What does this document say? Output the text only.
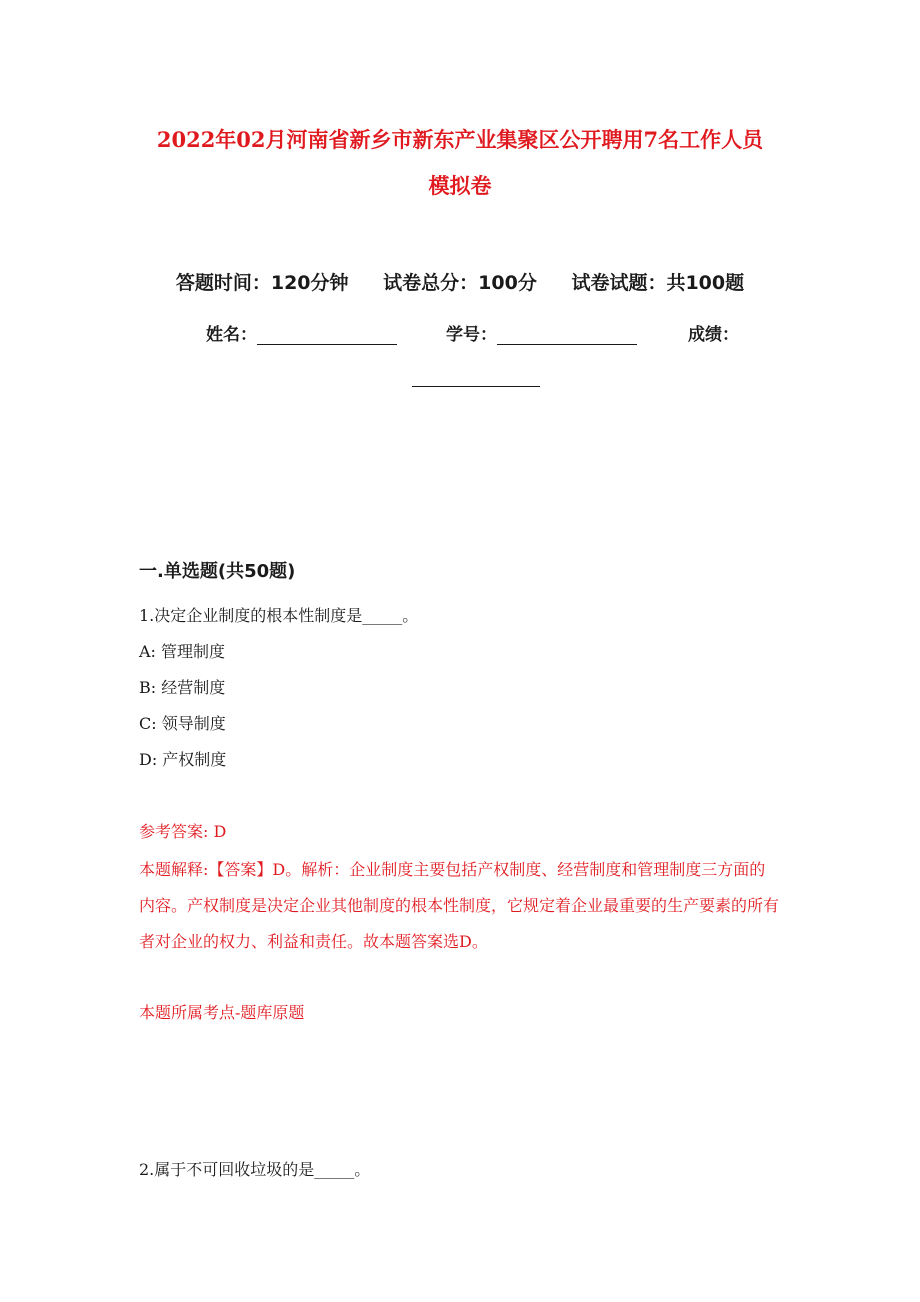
2022年02月河南省新乡市新东产业集聚区公开聘用7名工作人员
模拟卷
答题时间：120分钟 试卷总分：100分 试卷试题：共100题
姓名：	学号：	成绩：
一.单选题(共50题)
1.决定企业制度的根本性制度是_____。
A: 管理制度
B: 经营制度
C: 领导制度
D: 产权制度
参考答案: D
本题解释:【答案】D。解析：企业制度主要包括产权制度、经营制度和管理制度三方面的内容。产权制度是决定企业其他制度的根本性制度，它规定着企业最重要的生产要素的所有者对企业的权力、利益和责任。故本题答案选D。
本题所属考点-题库原题
2.属于不可回收垃圾的是_____。
